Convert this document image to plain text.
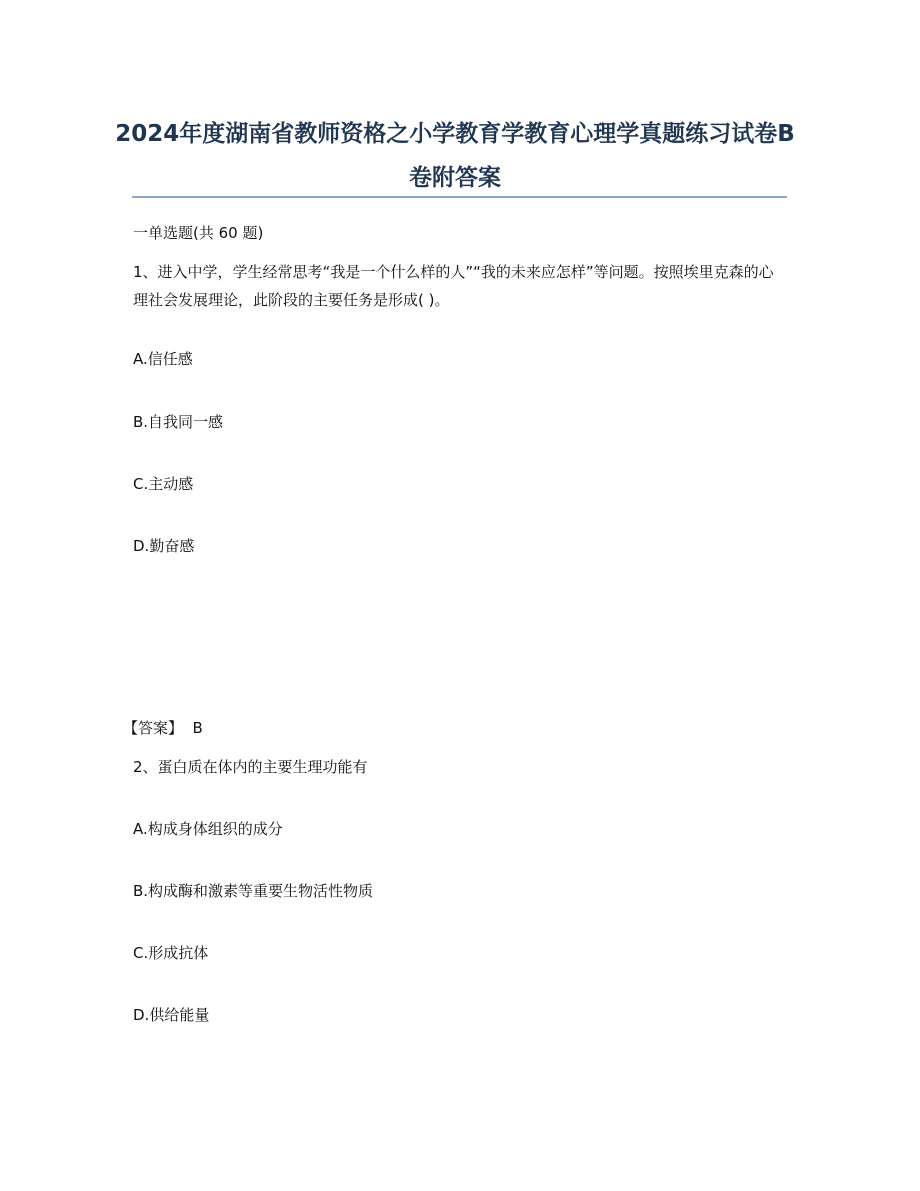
2024年度湖南省教师资格之小学教育学教育心理学真题练习试卷B卷附答案
一单选题(共 60 题)
1、进入中学，学生经常思考“我是一个什么样的人”“我的未来应怎样”等问题。按照埃里克森的心理社会发展理论，此阶段的主要任务是形成( )。
A.信任感
B.自我同一感
C.主动感
D.勤奋感
【答案】  B
2、蛋白质在体内的主要生理功能有
A.构成身体组织的成分
B.构成酶和激素等重要生物活性物质
C.形成抗体
D.供给能量
